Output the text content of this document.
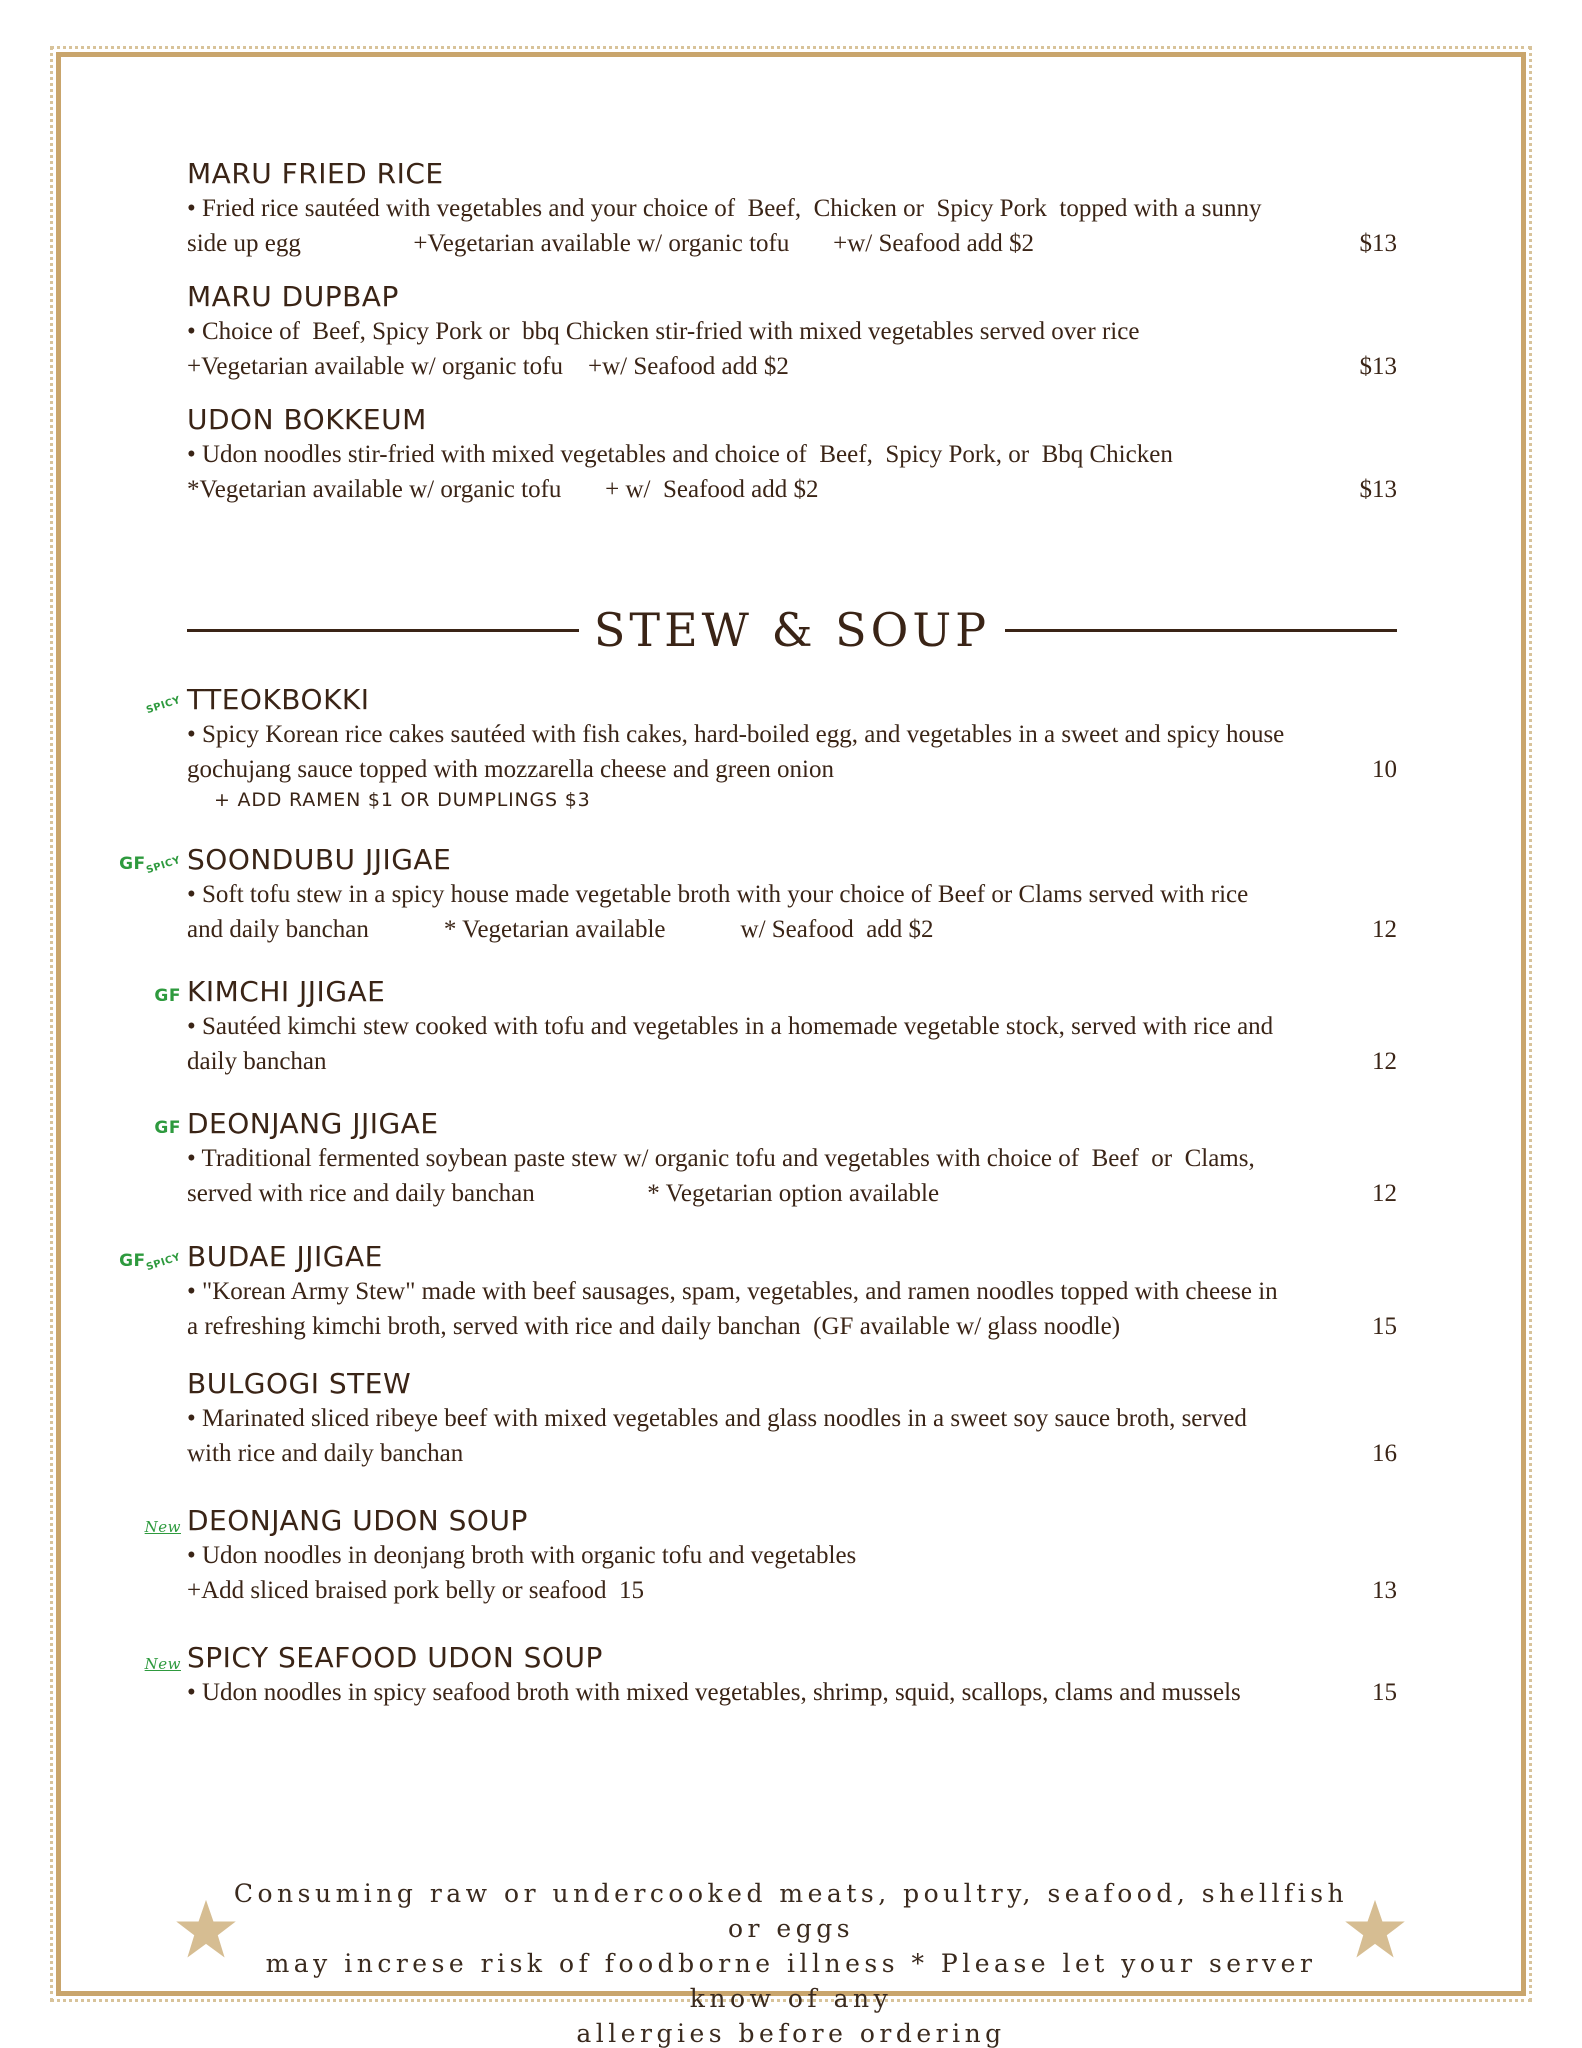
MARU FRIED RICE
• Fried rice sautéed with vegetables and your choice of  Beef,  Chicken or  Spicy Pork  topped with a sunny
side up egg                  +Vegetarian available w/ organic tofu       +w/ Seafood add $2	$13
MARU DUPBAP
• Choice of  Beef, Spicy Pork or  bbq Chicken stir-fried with mixed vegetables served over rice
+Vegetarian available w/ organic tofu    +w/ Seafood add $2	$13
UDON BOKKEUM
• Udon noodles stir-fried with mixed vegetables and choice of  Beef,  Spicy Pork, or  Bbq Chicken
*Vegetarian available w/ organic tofu       + w/  Seafood add $2	$13
STEW & SOUP
SPICY TTEOKBOKKI
• Spicy Korean rice cakes sautéed with fish cakes, hard-boiled egg, and vegetables in a sweet and spicy house
gochujang sauce topped with mozzarella cheese and green onion	10
+ ADD RAMEN $1 OR DUMPLINGS $3
$^{GF}$SPICY SOONDUBU JJIGAE
• Soft tofu stew in a spicy house made vegetable broth with your choice of Beef or Clams served with rice
and daily banchan            * Vegetarian available            w/ Seafood  add $2	12
$^{GF}$ KIMCHI JJIGAE
• Sautéed kimchi stew cooked with tofu and vegetables in a homemade vegetable stock, served with rice and
daily banchan	12
$^{GF}$ DEONJANG JJIGAE
• Traditional fermented soybean paste stew w/ organic tofu and vegetables with choice of  Beef  or  Clams,
served with rice and daily banchan                  * Vegetarian option available	12
$^{GF}$SPICY BUDAE JJIGAE
• "Korean Army Stew" made with beef sausages, spam, vegetables, and ramen noodles topped with cheese in
a refreshing kimchi broth, served with rice and daily banchan  (GF available w/ glass noodle)	15
BULGOGI STEW
• Marinated sliced ribeye beef with mixed vegetables and glass noodles in a sweet soy sauce broth, served
with rice and daily banchan	16
New DEONJANG UDON SOUP
• Udon noodles in deonjang broth with organic tofu and vegetables
+Add sliced braised pork belly or seafood  15	13
New SPICY SEAFOOD UDON SOUP
• Udon noodles in spicy seafood broth with mixed vegetables, shrimp, squid, scallops, clams and mussels	15
Consuming raw or undercooked meats, poultry, seafood, shellfish or eggs
may increse risk of foodborne illness * Please let your server know of any
allergies before ordering
